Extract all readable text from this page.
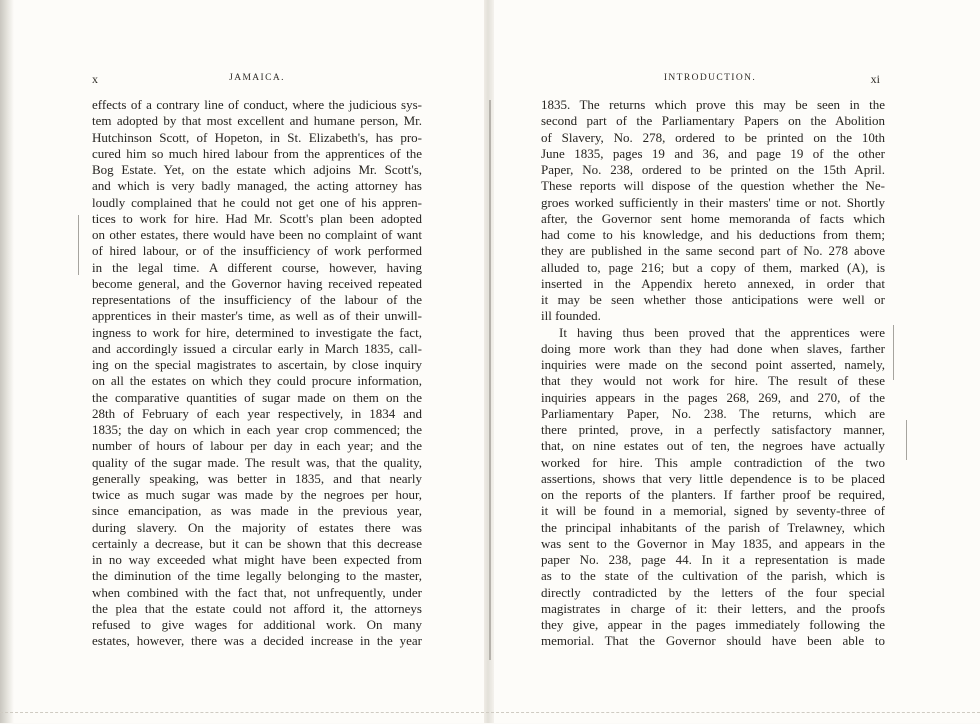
x	JAMAICA.	INTRODUCTION.	xi
effects of a contrary line of conduct, where the judicious sys-
tem adopted by that most excellent and humane person, Mr.
Hutchinson Scott, of Hopeton, in St. Elizabeth's, has pro-
cured him so much hired labour from the apprentices of the
Bog Estate. Yet, on the estate which adjoins Mr. Scott's,
and which is very badly managed, the acting attorney has
loudly complained that he could not get one of his appren-
tices to work for hire. Had Mr. Scott's plan been adopted
on other estates, there would have been no complaint of want
of hired labour, or of the insufficiency of work performed
in the legal time. A different course, however, having
become general, and the Governor having received repeated
representations of the insufficiency of the labour of the
apprentices in their master's time, as well as of their unwill-
ingness to work for hire, determined to investigate the fact,
and accordingly issued a circular early in March 1835, call-
ing on the special magistrates to ascertain, by close inquiry
on all the estates on which they could procure information,
the comparative quantities of sugar made on them on the
28th of February of each year respectively, in 1834 and
1835; the day on which in each year crop commenced; the
number of hours of labour per day in each year; and the
quality of the sugar made. The result was, that the quality,
generally speaking, was better in 1835, and that nearly
twice as much sugar was made by the negroes per hour,
since emancipation, as was made in the previous year,
during slavery. On the majority of estates there was
certainly a decrease, but it can be shown that this decrease
in no way exceeded what might have been expected from
the diminution of the time legally belonging to the master,
when combined with the fact that, not unfrequently, under
the plea that the estate could not afford it, the attorneys
refused to give wages for additional work. On many
estates, however, there was a decided increase in the year
1835. The returns which prove this may be seen in the
second part of the Parliamentary Papers on the Abolition
of Slavery, No. 278, ordered to be printed on the 10th
June 1835, pages 19 and 36, and page 19 of the other
Paper, No. 238, ordered to be printed on the 15th April.
These reports will dispose of the question whether the Ne-
groes worked sufficiently in their masters' time or not. Shortly
after, the Governor sent home memoranda of facts which
had come to his knowledge, and his deductions from them;
they are published in the same second part of No. 278 above
alluded to, page 216; but a copy of them, marked (A), is
inserted in the Appendix hereto annexed, in order that
it may be seen whether those anticipations were well or
ill founded.
It having thus been proved that the apprentices were
doing more work than they had done when slaves, farther
inquiries were made on the second point asserted, namely,
that they would not work for hire. The result of these
inquiries appears in the pages 268, 269, and 270, of the
Parliamentary Paper, No. 238. The returns, which are
there printed, prove, in a perfectly satisfactory manner,
that, on nine estates out of ten, the negroes have actually
worked for hire. This ample contradiction of the two
assertions, shows that very little dependence is to be placed
on the reports of the planters. If farther proof be required,
it will be found in a memorial, signed by seventy-three of
the principal inhabitants of the parish of Trelawney, which
was sent to the Governor in May 1835, and appears in the
paper No. 238, page 44. In it a representation is made
as to the state of the cultivation of the parish, which is
directly contradicted by the letters of the four special
magistrates in charge of it: their letters, and the proofs
they give, appear in the pages immediately following the
memorial. That the Governor should have been able to
